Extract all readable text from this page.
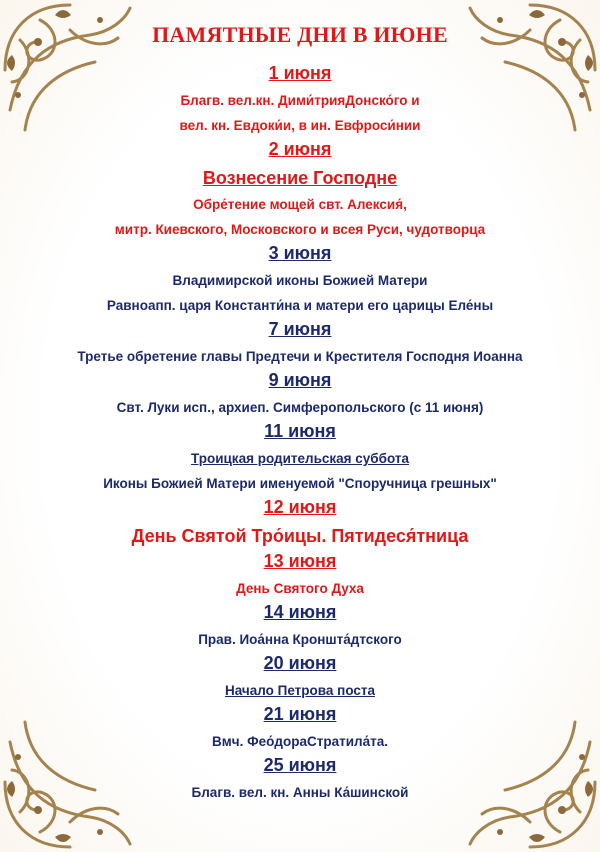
ПАМЯТНЫЕ ДНИ В ИЮНЕ
1 июня
Благв. вел.кн. Дими́трияДонско́го и
вел. кн. Евдоки́и, в ин. Евфроси́нии
2 июня
Вознесение Господне
Обре́тение мощей свт. Алексия́,
митр. Киевского, Московского и всея Руси, чудотворца
3 июня
Владимирской иконы Божией Матери
Равноапп. царя Константи́на и матери его царицы Еле́ны
7 июня
Третье обретение главы Предтечи и Крестителя Господня Иоанна
9 июня
Свт. Луки исп., архиеп. Симферопольского (с 11 июня)
11 июня
Троицкая родительская суббота
Иконы Божией Матери именуемой "Споручница грешных"
12 июня
День Святой Тро́ицы. Пятидеся́тница
13 июня
День Святого Духа
14 июня
Прав. Иоа́нна Кроншта́дтского
20 июня
Начало Петрова поста
21 июня
Вмч. Фео́дораСтратила́та.
25 июня
Благв. вел. кн. Анны Ка́шинской
